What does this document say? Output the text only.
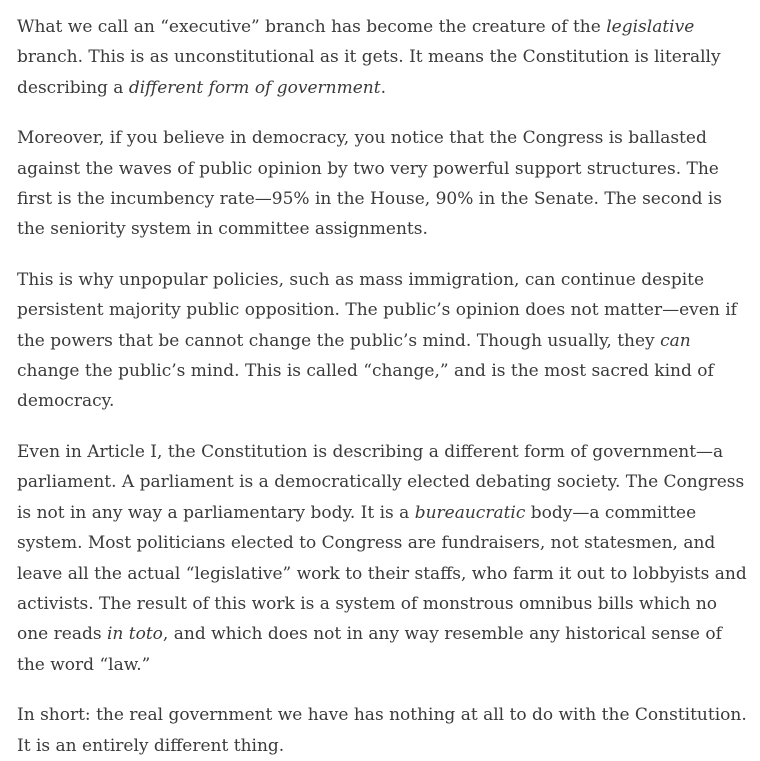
What we call an “executive” branch has become the creature of the legislative branch. This is as unconstitutional as it gets. It means the Constitution is literally describing a different form of government.

Moreover, if you believe in democracy, you notice that the Congress is ballasted against the waves of public opinion by two very powerful support structures. The first is the incumbency rate—95% in the House, 90% in the Senate. The second is the seniority system in committee assignments.

This is why unpopular policies, such as mass immigration, can continue despite persistent majority public opposition. The public’s opinion does not matter—even if the powers that be cannot change the public’s mind. Though usually, they can change the public’s mind. This is called “change,” and is the most sacred kind of democracy.

Even in Article I, the Constitution is describing a different form of government—a parliament. A parliament is a democratically elected debating society. The Congress is not in any way a parliamentary body. It is a bureaucratic body—a committee system. Most politicians elected to Congress are fundraisers, not statesmen, and leave all the actual “legislative” work to their staffs, who farm it out to lobbyists and activists. The result of this work is a system of monstrous omnibus bills which no one reads in toto, and which does not in any way resemble any historical sense of the word “law.”

In short: the real government we have has nothing at all to do with the Constitution. It is an entirely different thing.
